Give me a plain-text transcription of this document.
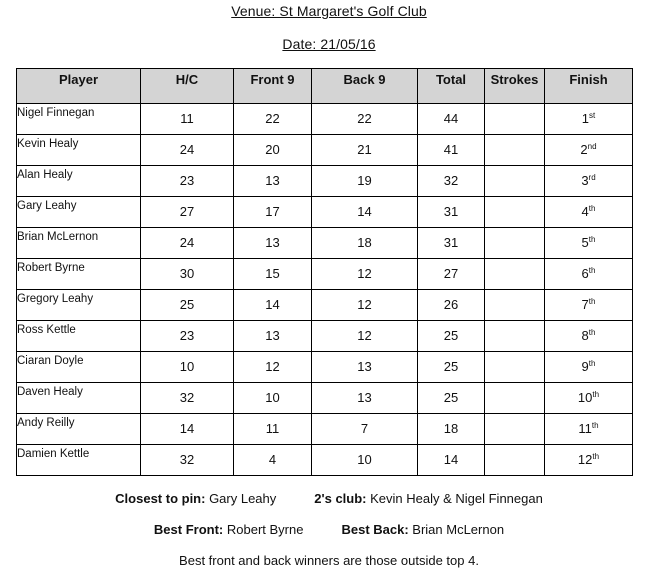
Venue: St Margaret's Golf Club
Date: 21/05/16
Player	H/C	Front 9	Back 9	Total	Strokes	Finish
Nigel Finnegan	11	22	22	44		1st
Kevin Healy	24	20	21	41		2nd
Alan Healy	23	13	19	32		3rd
Gary Leahy	27	17	14	31		4th
Brian McLernon	24	13	18	31		5th
Robert Byrne	30	15	12	27		6th
Gregory Leahy	25	14	12	26		7th
Ross Kettle	23	13	12	25		8th
Ciaran Doyle	10	12	13	25		9th
Daven Healy	32	10	13	25		10th
Andy Reilly	14	11	7	18		11th
Damien Kettle	32	4	10	14		12th
Closest to pin: Gary Leahy	2's club: Kevin Healy & Nigel Finnegan
Best Front: Robert Byrne	Best Back: Brian McLernon
Best front and back winners are those outside top 4.
